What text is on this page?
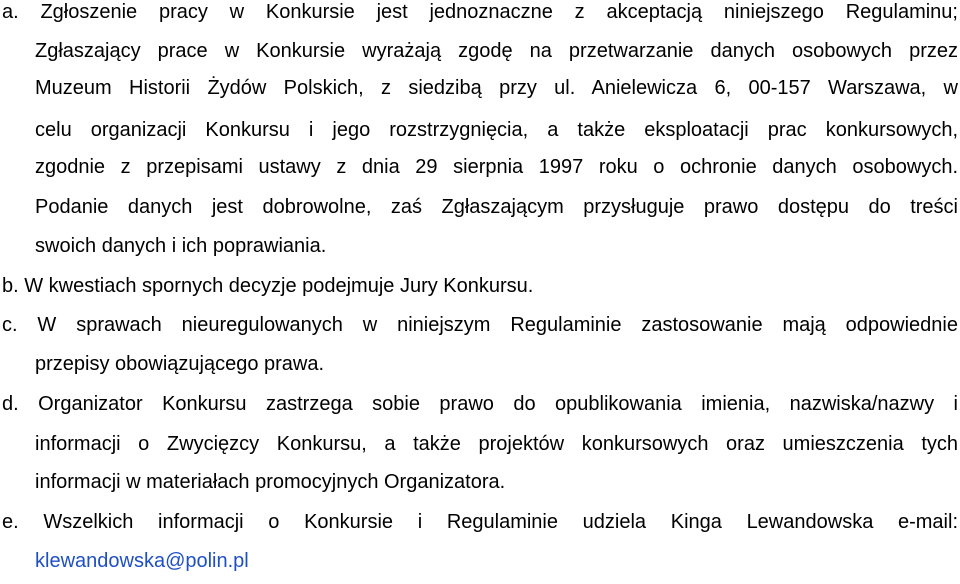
a. Zgłoszenie pracy w Konkursie jest jednoznaczne z akceptacją niniejszego Regulaminu;

Zgłaszający prace w Konkursie wyrażają zgodę na przetwarzanie danych osobowych przez

Muzeum Historii Żydów Polskich, z siedzibą przy ul. Anielewicza 6, 00-157 Warszawa, w

celu organizacji Konkursu i jego rozstrzygnięcia, a także eksploatacji prac konkursowych,

zgodnie z przepisami ustawy z dnia 29 sierpnia 1997 roku o ochronie danych osobowych.

Podanie danych jest dobrowolne, zaś Zgłaszającym przysługuje prawo dostępu do treści

swoich danych i ich poprawiania.

b. W kwestiach spornych decyzje podejmuje Jury Konkursu.

c. W sprawach nieuregulowanych w niniejszym Regulaminie zastosowanie mają odpowiednie

przepisy obowiązującego prawa.

d. Organizator Konkursu zastrzega sobie prawo do opublikowania imienia, nazwiska/nazwy i

informacji o Zwycięzcy Konkursu, a także projektów konkursowych oraz umieszczenia tych

informacji w materiałach promocyjnych Organizatora.

e. Wszelkich informacji o Konkursie i Regulaminie udziela Kinga Lewandowska e-mail:

klewandowska@polin.pl
